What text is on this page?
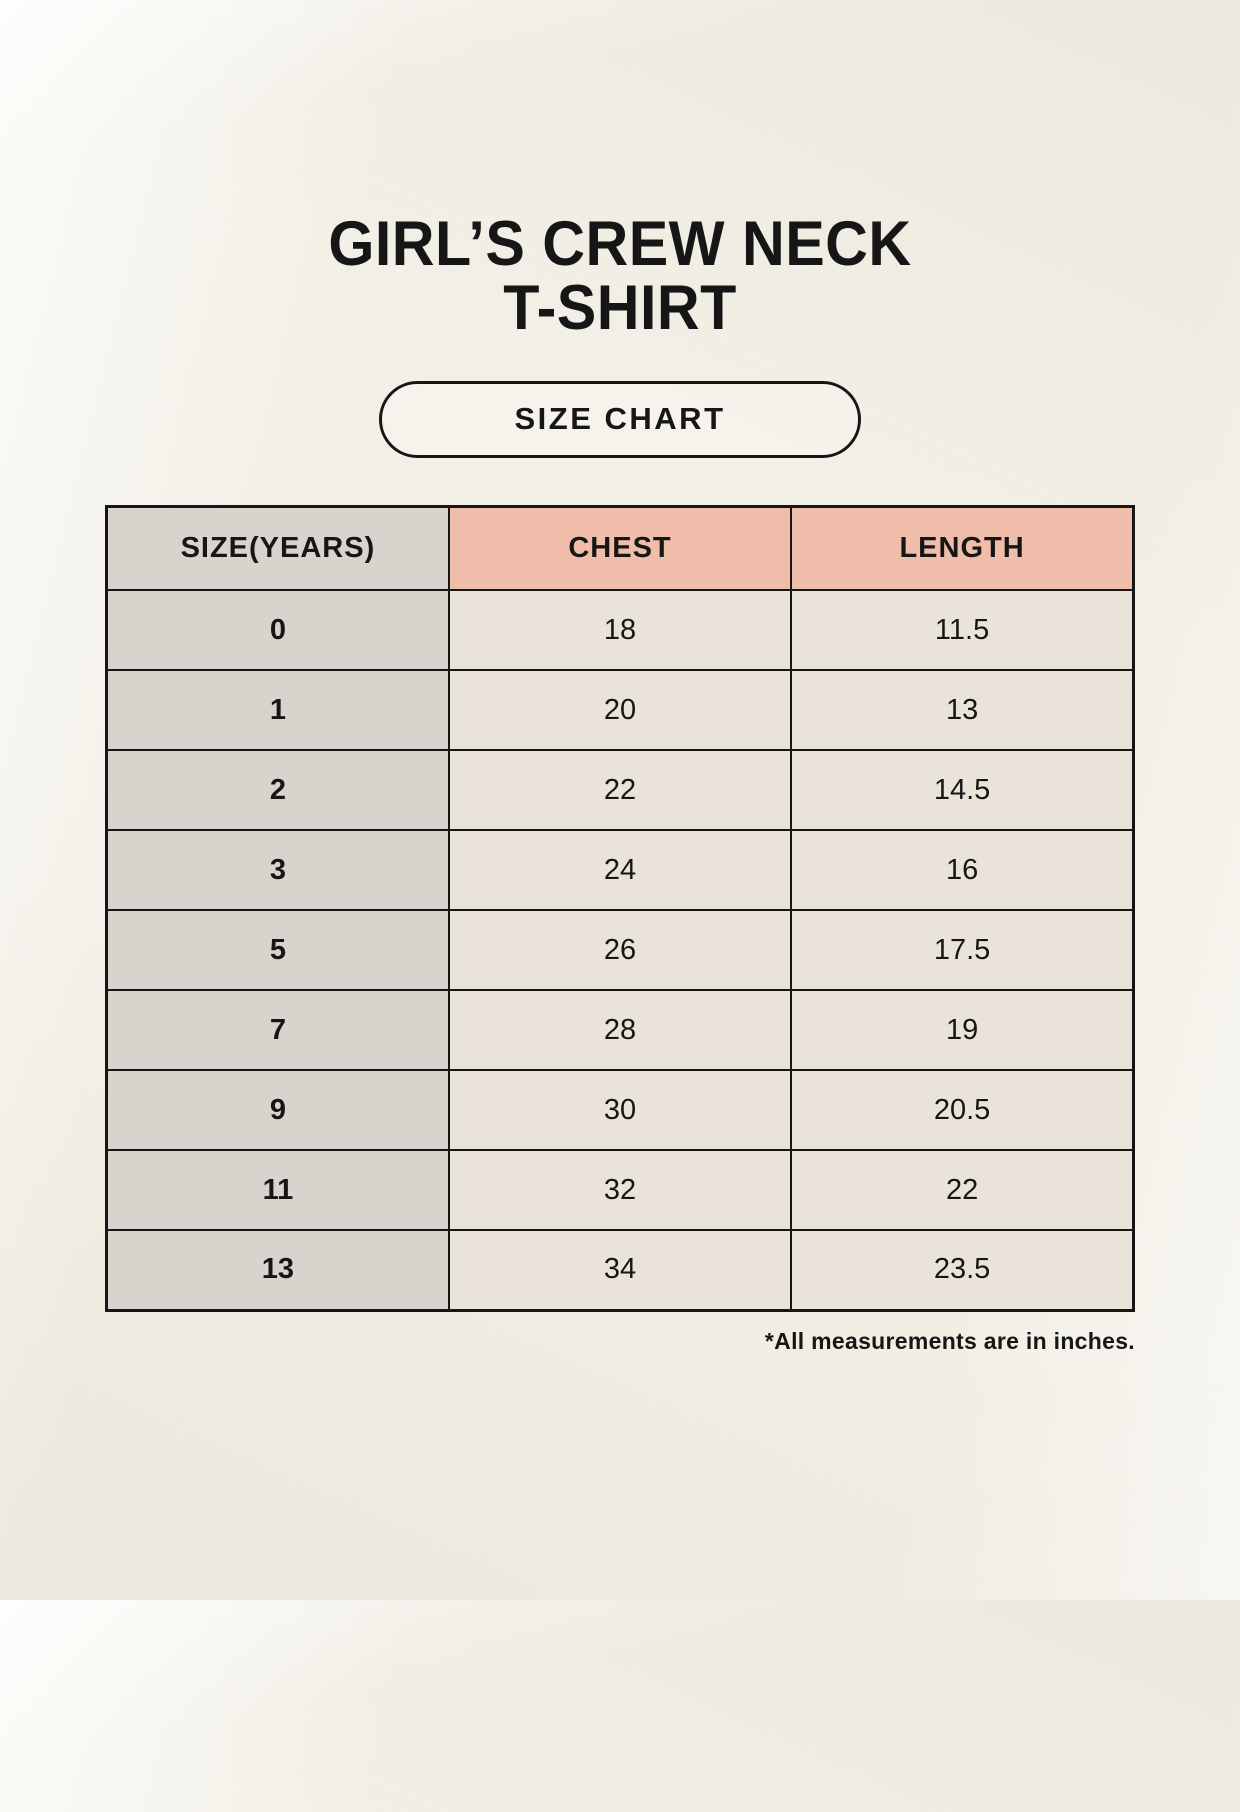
GIRL’S CREW NECK
T-SHIRT
SIZE CHART
SIZE(YEARS)	CHEST	LENGTH
0	18	11.5
1	20	13
2	22	14.5
3	24	16
5	26	17.5
7	28	19
9	30	20.5
11	32	22
13	34	23.5
*All measurements are in inches.
